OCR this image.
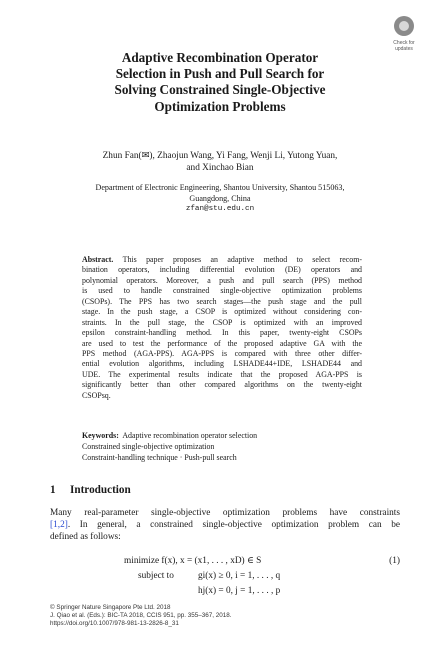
Check for
updates
Adaptive Recombination Operator
Selection in Push and Pull Search for
Solving Constrained Single-Objective
Optimization Problems
Zhun Fan(✉), Zhaojun Wang, Yi Fang, Wenji Li, Yutong Yuan,
and Xinchao Bian
Department of Electronic Engineering, Shantou University, Shantou 515063,
Guangdong, China
zfan@stu.edu.cn
Abstract. This paper proposes an adaptive method to select recom-
bination operators, including differential evolution (DE) operators and
polynomial operators. Moreover, a push and pull search (PPS) method
is used to handle constrained single-objective optimization problems
(CSOPs). The PPS has two search stages—the push stage and the pull
stage. In the push stage, a CSOP is optimized without considering con-
straints. In the pull stage, the CSOP is optimized with an improved
epsilon constraint-handling method. In this paper, twenty-eight CSOPs
are used to test the performance of the proposed adaptive GA with the
PPS method (AGA-PPS). AGA-PPS is compared with three other differ-
ential evolution algorithms, including LSHADE44+IDE, LSHADE44 and
UDE. The experimental results indicate that the proposed AGA-PPS is
significantly better than other compared algorithms on the twenty-eight
CSOPsq.
Keywords: Adaptive recombination operator selection
Constrained single-objective optimization
Constraint-handling technique · Push-pull search
1 Introduction
Many real-parameter single-objective optimization problems have constraints
[1,2]. In general, a constrained single-objective optimization problem can be
defined as follows:
minimize f(x), x = (x1, . . . , xD) ∈ S
subject to	gi(x) ≥ 0, i = 1, . . . , q
hj(x) = 0, j = 1, . . . , p
(1)
© Springer Nature Singapore Pte Ltd. 2018
J. Qiao et al. (Eds.): BIC-TA 2018, CCIS 951, pp. 355–367, 2018.
https://doi.org/10.1007/978-981-13-2826-8_31
